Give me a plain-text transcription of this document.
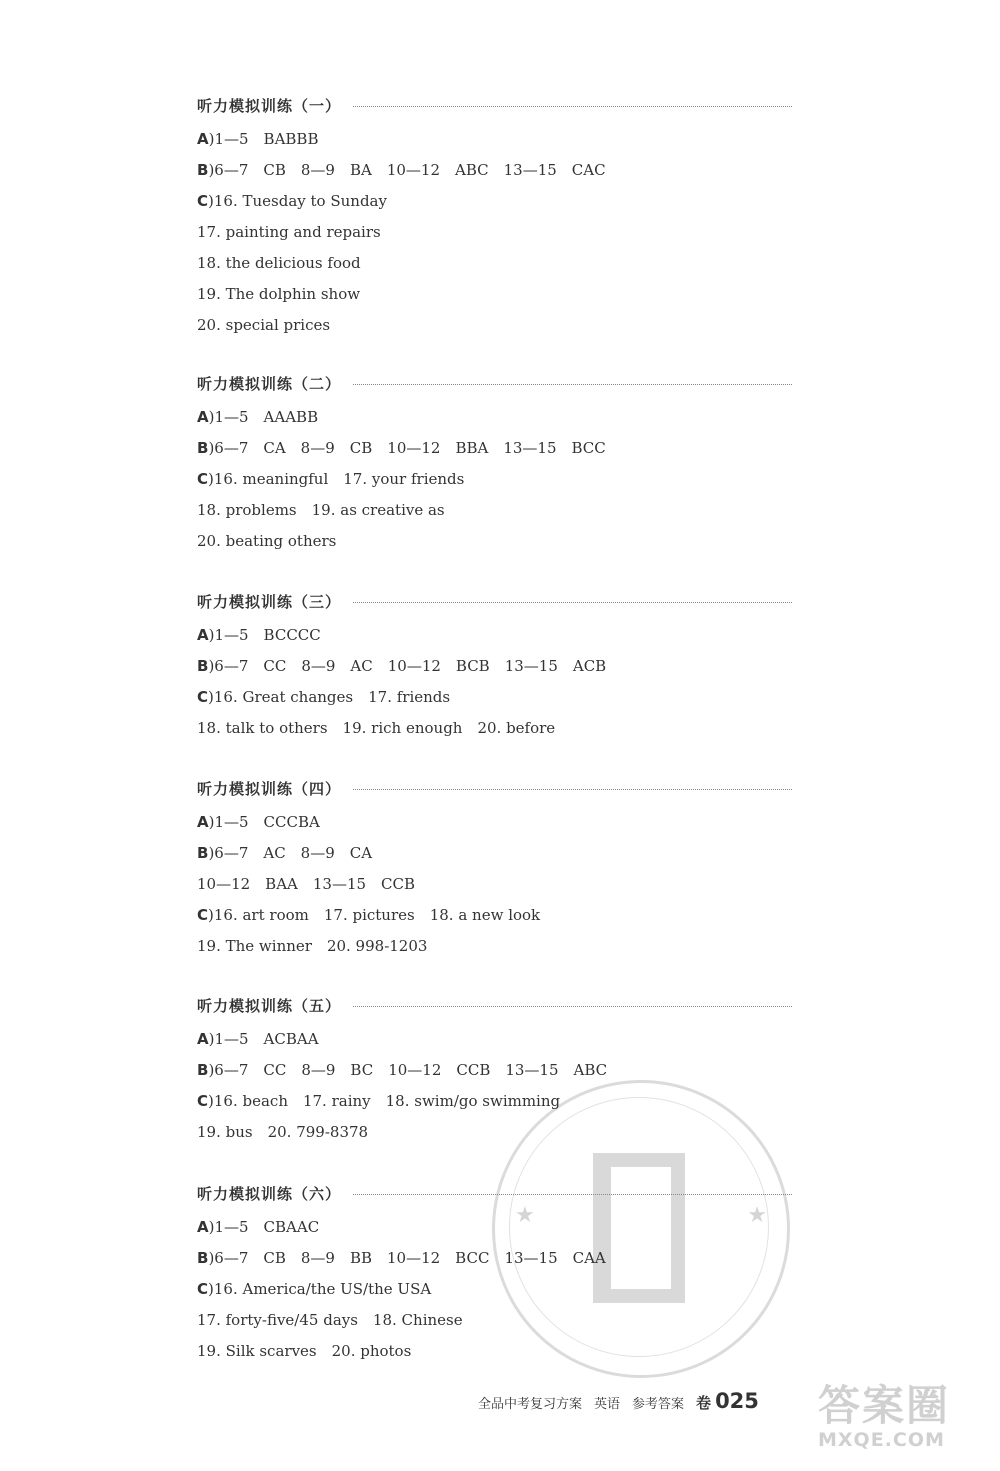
★	★
听力模拟训练（一）
A)1—5　BABBB
B)6—7　CB　8—9　BA　10—12　ABC　13—15　CAC
C)16. Tuesday to Sunday
17. painting and repairs
18. the delicious food
19. The dolphin show
20. special prices
听力模拟训练（二）
A)1—5　AAABB
B)6—7　CA　8—9　CB　10—12　BBA　13—15　BCC
C)16. meaningful　17. your friends
18. problems　19. as creative as
20. beating others
听力模拟训练（三）
A)1—5　BCCCC
B)6—7　CC　8—9　AC　10—12　BCB　13—15　ACB
C)16. Great changes　17. friends
18. talk to others　19. rich enough　20. before
听力模拟训练（四）
A)1—5　CCCBA
B)6—7　AC　8—9　CA
10—12　BAA　13—15　CCB
C)16. art room　17. pictures　18. a new look
19. The winner　20. 998-1203
听力模拟训练（五）
A)1—5　ACBAA
B)6—7　CC　8—9　BC　10—12　CCB　13—15　ABC
C)16. beach　17. rainy　18. swim/go swimming
19. bus　20. 799-8378
听力模拟训练（六）
A)1—5　CBAAC
B)6—7　CB　8—9　BB　10—12　BCC　13—15　CAA
C)16. America/the US/the USA
17. forty-five/45 days　18. Chinese
19. Silk scarves　20. photos
全品中考复习方案 英语 参考答案 卷 025 答案圈
MXQE.COM
